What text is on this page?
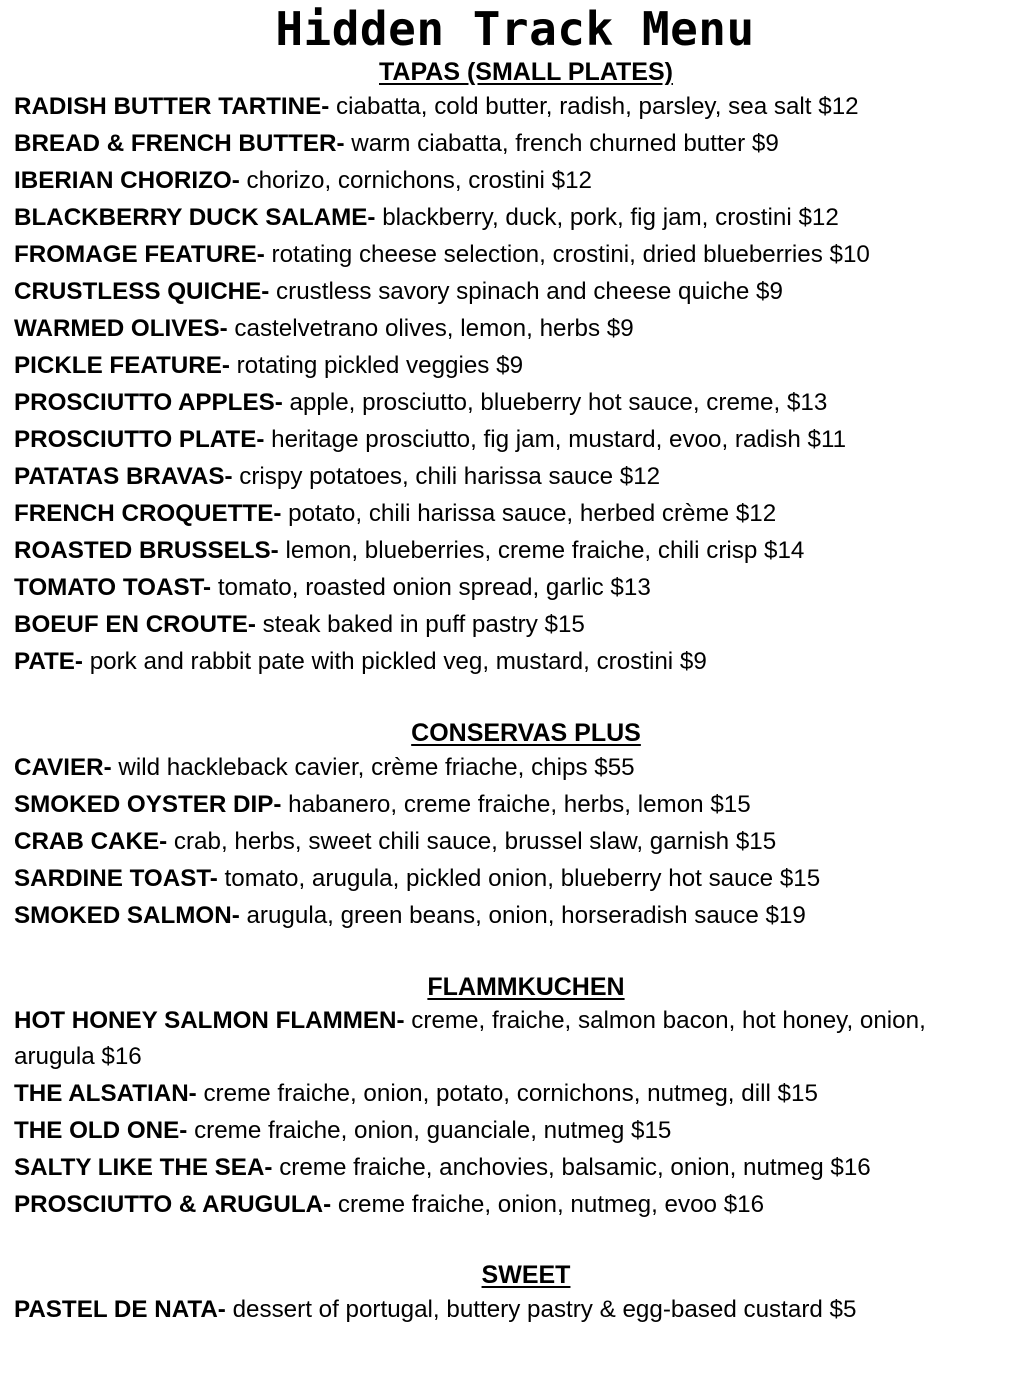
Hidden Track Menu
TAPAS (SMALL PLATES)

RADISH BUTTER TARTINE- ciabatta, cold butter, radish, parsley, sea salt $12

BREAD & FRENCH BUTTER- warm ciabatta, french churned butter $9

IBERIAN CHORIZO- chorizo, cornichons, crostini $12

BLACKBERRY DUCK SALAME- blackberry, duck, pork, fig jam, crostini $12

FROMAGE FEATURE- rotating cheese selection, crostini, dried blueberries $10

CRUSTLESS QUICHE- crustless savory spinach and cheese quiche $9

WARMED OLIVES- castelvetrano olives, lemon, herbs $9

PICKLE FEATURE- rotating pickled veggies $9

PROSCIUTTO APPLES- apple, prosciutto, blueberry hot sauce, creme, $13

PROSCIUTTO PLATE- heritage prosciutto, fig jam, mustard, evoo, radish $11

PATATAS BRAVAS- crispy potatoes, chili harissa sauce $12

FRENCH CROQUETTE- potato, chili harissa sauce, herbed crème $12

ROASTED BRUSSELS- lemon, blueberries, creme fraiche, chili crisp $14

TOMATO TOAST- tomato, roasted onion spread, garlic $13

BOEUF EN CROUTE- steak baked in puff pastry $15

PATE- pork and rabbit pate with pickled veg, mustard, crostini $9

CONSERVAS PLUS

CAVIER- wild hackleback cavier, crème friache, chips $55

SMOKED OYSTER DIP- habanero, creme fraiche, herbs, lemon $15

CRAB CAKE- crab, herbs, sweet chili sauce, brussel slaw, garnish $15

SARDINE TOAST- tomato, arugula, pickled onion, blueberry hot sauce $15

SMOKED SALMON- arugula, green beans, onion, horseradish sauce $19

FLAMMKUCHEN

HOT HONEY SALMON FLAMMEN- creme, fraiche, salmon bacon, hot honey, onion, arugula $16

THE ALSATIAN- creme fraiche, onion, potato, cornichons, nutmeg, dill $15

THE OLD ONE- creme fraiche, onion, guanciale, nutmeg $15

SALTY LIKE THE SEA- creme fraiche, anchovies, balsamic, onion, nutmeg $16

PROSCIUTTO & ARUGULA- creme fraiche, onion, nutmeg, evoo $16

SWEET

PASTEL DE NATA- dessert of portugal, buttery pastry & egg-based custard $5
